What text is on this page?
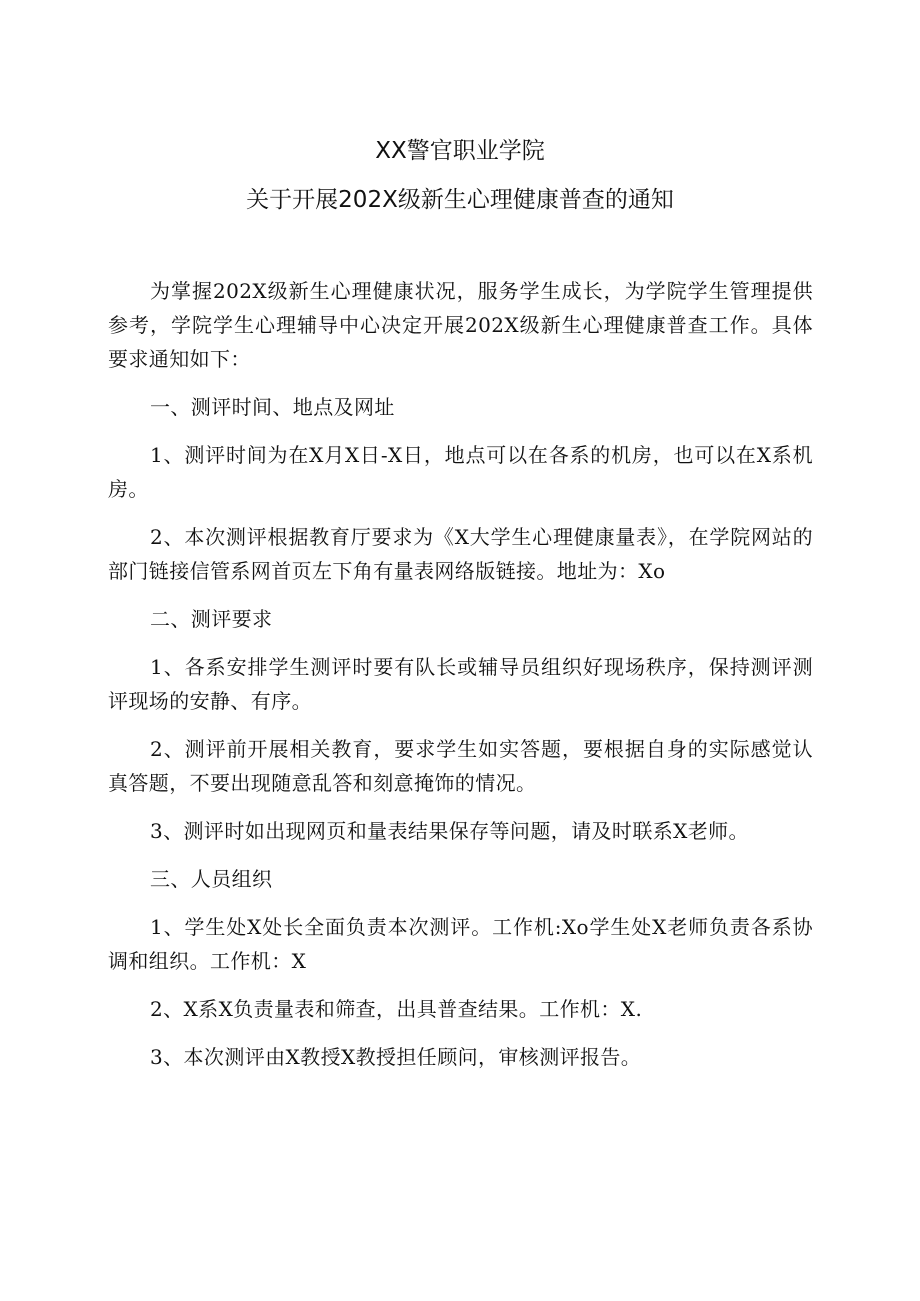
XX警官职业学院
关于开展202X级新生心理健康普查的通知

为掌握202X级新生心理健康状况，服务学生成长，为学院学生管理提供参考，学院学生心理辅导中心决定开展202X级新生心理健康普查工作。具体要求通知如下：

一、测评时间、地点及网址

1、测评时间为在X月X日-X日，地点可以在各系的机房，也可以在X系机房。

2、本次测评根据教育厅要求为《X大学生心理健康量表》，在学院网站的部门链接信管系网首页左下角有量表网络版链接。地址为：Xo

二、测评要求

1、各系安排学生测评时要有队长或辅导员组织好现场秩序，保持测评测评现场的安静、有序。

2、测评前开展相关教育，要求学生如实答题，要根据自身的实际感觉认真答题，不要出现随意乱答和刻意掩饰的情况。

3、测评时如出现网页和量表结果保存等问题，请及时联系X老师。

三、人员组织

1、学生处X处长全面负责本次测评。工作机:Xo学生处X老师负责各系协调和组织。工作机：X

2、X系X负责量表和筛查，出具普查结果。工作机：X.

3、本次测评由X教授X教授担任顾问，审核测评报告。
